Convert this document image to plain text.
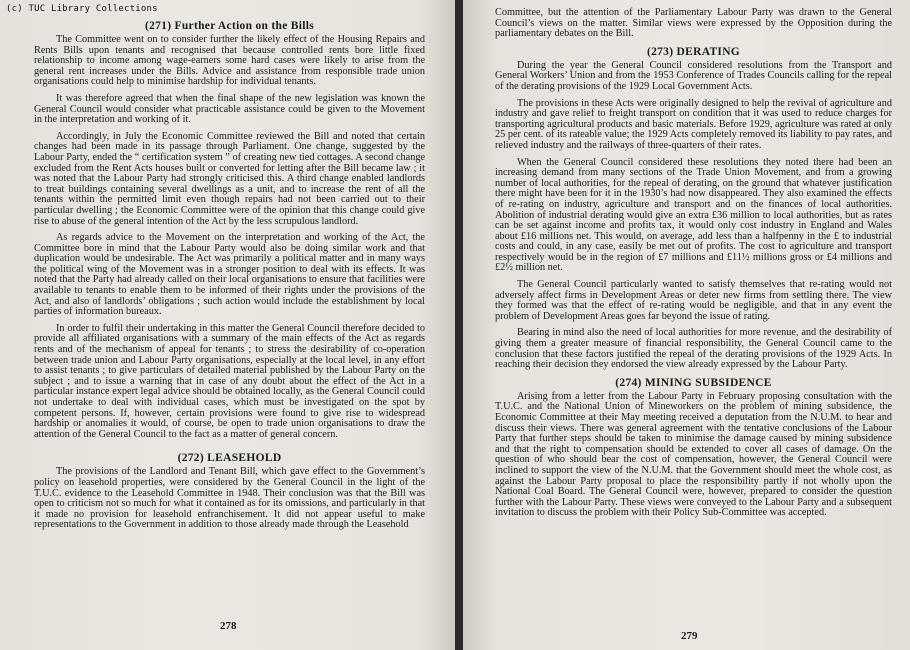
(c) TUC Library Collections
(271) Further Action on the Bills

The Committee went on to consider further the likely effect of the Housing Repairs and Rents Bills upon tenants and recognised that because controlled rents bore little fixed relationship to income among wage-earners some hard cases were likely to arise from the general rent increases under the Bills. Advice and assistance from responsible trade union organisations could help to minimise hardship for individual tenants.

It was therefore agreed that when the final shape of the new legislation was known the General Council would consider what practicable assistance could be given to the Movement in the interpretation and working of it.

Accordingly, in July the Economic Committee reviewed the Bill and noted that certain changes had been made in its passage through Parliament. One change, suggested by the Labour Party, ended the “ certification system ” of creating new tied cottages. A second change excluded from the Rent Acts houses built or converted for letting after the Bill became law ; it was noted that the Labour Party had strongly criticised this. A third change enabled landlords to treat buildings containing several dwellings as a unit, and to increase the rent of all the tenants within the permitted limit even though repairs had not been carried out to their particular dwelling ; the Economic Committee were of the opinion that this change could give rise to abuse of the general intention of the Act by the less scrupulous landlord.

As regards advice to the Movement on the interpretation and working of the Act, the Committee bore in mind that the Labour Party would also be doing similar work and that duplication would be undesirable. The Act was primarily a political matter and in many ways the political wing of the Movement was in a stronger position to deal with its effects. It was noted that the Party had already called on their local organisations to ensure that facilities were available to tenants to enable them to be informed of their rights under the provisions of the Act, and also of landlords’ obligations ; such action would include the establishment by local parties of information bureaux.

In order to fulfil their undertaking in this matter the General Council therefore decided to provide all affiliated organisations with a summary of the main effects of the Act as regards rents and of the mechanism of appeal for tenants ; to stress the desirability of co-operation between trade union and Labour Party organisations, especially at the local level, in any effort to assist tenants ; to give particulars of detailed material published by the Labour Party on the subject ; and to issue a warning that in case of any doubt about the effect of the Act in a particular instance expert legal advice should be obtained locally, as the General Council could not undertake to deal with individual cases, which must be investigated on the spot by competent persons. If, however, certain provisions were found to give rise to widespread hardship or anomalies it would, of course, be open to trade union organisations to draw the attention of the General Council to the fact as a matter of general concern.

(272) LEASEHOLD

The provisions of the Landlord and Tenant Bill, which gave effect to the Government’s policy on leasehold properties, were considered by the General Council in the light of the T.U.C. evidence to the Leasehold Committee in 1948. Their conclusion was that the Bill was open to criticism not so much for what it contained as for its omissions, and particularly in that it made no provision for leasehold enfranchisement. It did not appear useful to make representations to the Government in addition to those already made through the Leasehold

278

Committee, but the attention of the Parliamentary Labour Party was drawn to the General Council’s views on the matter. Similar views were expressed by the Opposition during the parliamentary debates on the Bill.

(273) DERATING

During the year the General Council considered resolutions from the Transport and General Workers’ Union and from the 1953 Conference of Trades Councils calling for the repeal of the derating provisions of the 1929 Local Government Acts.

The provisions in these Acts were originally designed to help the revival of agriculture and industry and gave relief to freight transport on condition that it was used to reduce charges for transporting agricultural products and basic materials. Before 1929, agriculture was rated at only 25 per cent. of its rateable value; the 1929 Acts completely removed its liability to pay rates, and relieved industry and the railways of three-quarters of their rates.

When the General Council considered these resolutions they noted there had been an increasing demand from many sections of the Trade Union Movement, and from a growing number of local authorities, for the repeal of derating, on the ground that whatever justification there might have been for it in the 1930’s had now disappeared. They also examined the effects of re-rating on industry, agriculture and transport and on the finances of local authorities. Abolition of industrial derating would give an extra £36 million to local authorities, but as rates can be set against income and profits tax, it would only cost industry in England and Wales about £16 millions net. This would, on average, add less than a halfpenny in the £ to industrial costs and could, in any case, easily be met out of profits. The cost to agriculture and transport respectively would be in the region of £7 millions and £11½ millions gross or £4 millions and £2½ million net.

The General Council particularly wanted to satisfy themselves that re-rating would not adversely affect firms in Development Areas or deter new firms from settling there. The view they formed was that the effect of re-rating would be negligible, and that in any event the problem of Development Areas goes far beyond the issue of rating.

Bearing in mind also the need of local authorities for more revenue, and the desirability of giving them a greater measure of financial responsibility, the General Council came to the conclusion that these factors justified the repeal of the derating provisions of the 1929 Acts. In reaching their decision they endorsed the view already expressed by the Labour Party.

(274) MINING SUBSIDENCE

Arising from a letter from the Labour Party in February proposing consultation with the T.U.C. and the National Union of Mineworkers on the problem of mining subsidence, the Economic Committee at their May meeting received a deputation from the N.U.M. to hear and discuss their views. There was general agreement with the tentative conclusions of the Labour Party that further steps should be taken to minimise the damage caused by mining subsidence and that the right to compensation should be extended to cover all cases of damage. On the question of who should bear the cost of compensation, however, the General Council were inclined to support the view of the N.U.M. that the Government should meet the whole cost, as against the Labour Party proposal to place the responsibility partly if not wholly upon the National Coal Board. The General Council were, however, prepared to consider the question further with the Labour Party. These views were conveyed to the Labour Party and a subsequent invitation to discuss the problem with their Policy Sub-Committee was accepted.

279
